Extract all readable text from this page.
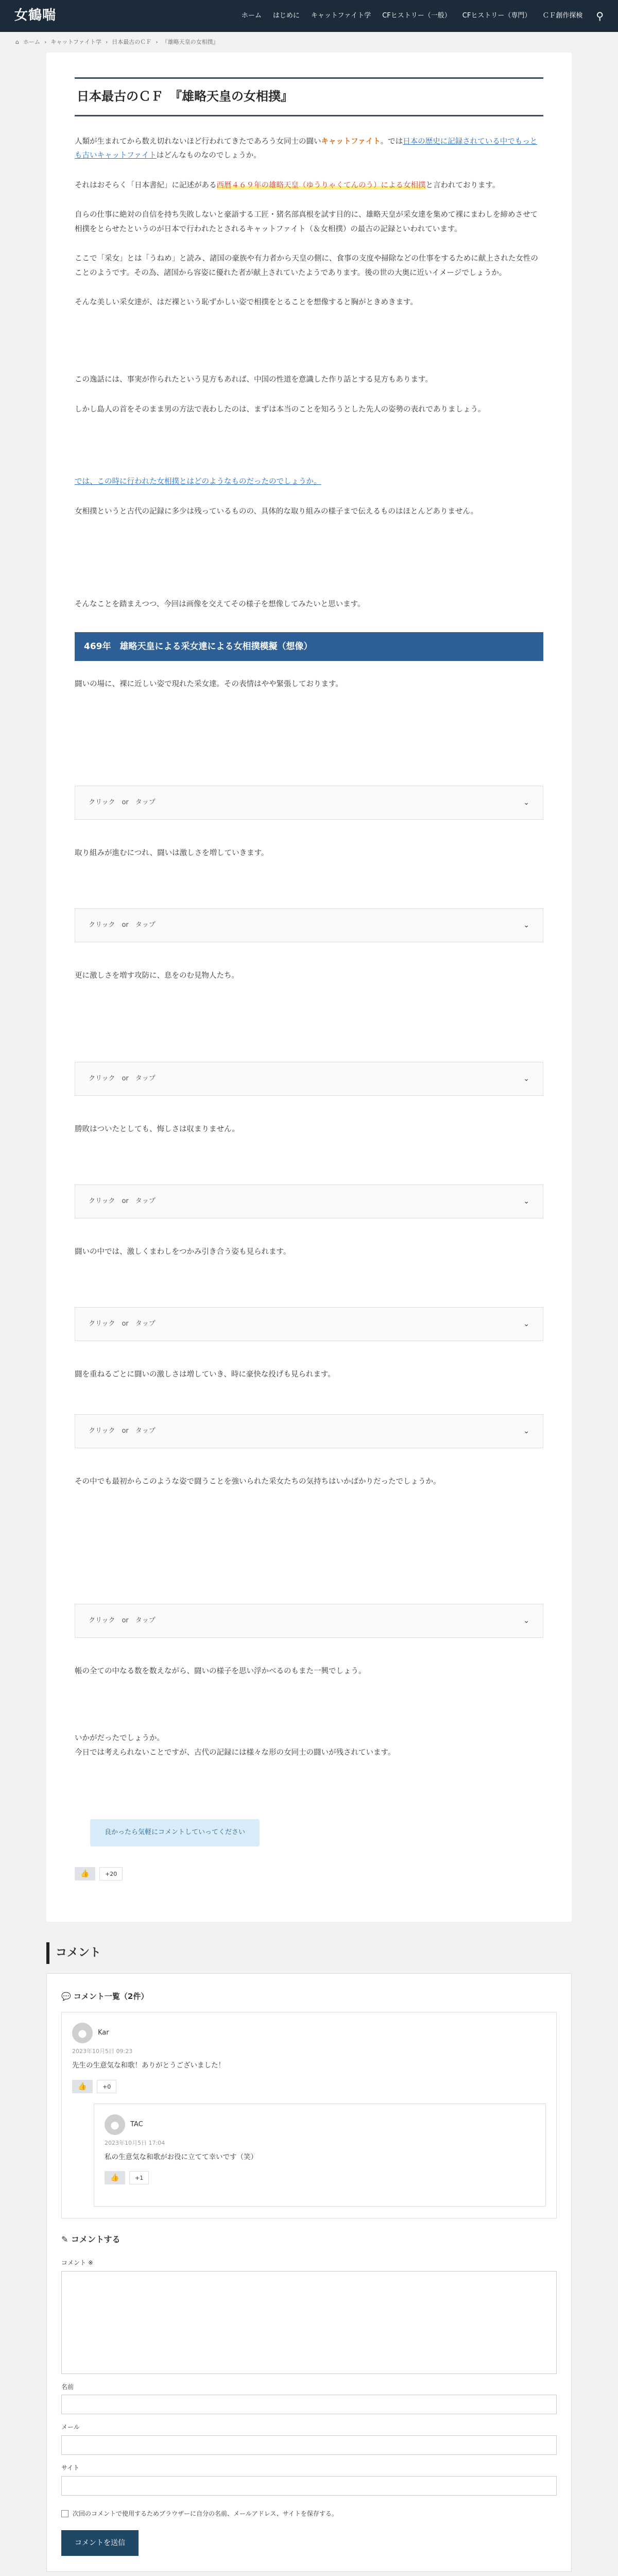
女鶴喘	ホーム はじめに キャットファイト学 CFヒストリー（一般） CFヒストリー（専門） ＣＦ創作探検 ⚲
⌂ ホーム › キャットファイト学 › 日本最古のＣＦ › 『雄略天皇の女相撲』
日本最古のＣＦ　『雄略天皇の女相撲』

人類が生まれてから数え切れないほど行われてきたであろう女同士の闘いキャットファイト。では日本の歴史に記録されている中でもっとも古いキャットファイトはどんなものなのでしょうか。

それはおそらく「日本書紀」に記述がある西暦４６９年の雄略天皇（ゆうりゃくてんのう）による女相撲と言われております。

自らの仕事に絶対の自信を持ち失敗しないと豪語する工匠・猪名部真根を試す目的に、雄略天皇が采女達を集めて裸にまわしを締めさせて相撲をとらせたというのが日本で行われたとされるキャットファイト（＆女相撲）の最古の記録といわれています。

ここで「采女」とは「うねめ」と読み、諸国の豪族や有力者から天皇の側に、食事の支度や掃除などの仕事をするために献上された女性のことのようです。その為、諸国から容姿に優れた者が献上されていたようであります。後の世の大奥に近いイメージでしょうか。

そんな美しい采女達が、はだ裸という恥ずかしい姿で相撲をとることを想像すると胸がときめきます。

この逸話には、事実が作られたという見方もあれば、中国の性道を意識した作り話とする見方もあります。

しかし島人の首をそのまま男の方法で表わしたのは、まずは本当のことを知ろうとした先人の姿勢の表れでありましょう。

では、この時に行われた女相撲とはどのようなものだったのでしょうか。

女相撲というと古代の記録に多少は残っているものの、具体的な取り組みの様子まで伝えるものはほとんどありません。

そんなことを踏まえつつ、今回は画像を交えてその様子を想像してみたいと思います。

469年　雄略天皇による采女達による女相撲模擬（想像）

闘いの場に、裸に近しい姿で現れた采女達。その表情はやや緊張しております。

クリック　or　タップ	⌄

取り組みが進むにつれ、闘いは激しさを増していきます。

クリック　or　タップ	⌄

更に激しさを増す攻防に、息をのむ見物人たち。

クリック　or　タップ	⌄

勝敗はついたとしても、悔しさは収まりません。

クリック　or　タップ	⌄

闘いの中では、激しくまわしをつかみ引き合う姿も見られます。

クリック　or　タップ	⌄

闘を重ねるごとに闘いの激しさは増していき、時に豪快な投げも見られます。

クリック　or　タップ	⌄

その中でも最初からこのような姿で闘うことを強いられた采女たちの気持ちはいかばかりだったでしょうか。

クリック　or　タップ	⌄

帳の全ての中なる数を数えながら、闘いの様子を思い浮かべるのもまた一興でしょう。

いかがだったでしょうか。
今日では考えられないことですが、古代の記録には様々な形の女同士の闘いが残されています。

良かったら気軽にコメントしていってください
👍	+20
コメント
💬 コメント一覧（2件）
●	Kar
2023年10月5日 09:23
先生の生意気な和歌！ありがとうございました！
👍	+0
●	TAC
2023年10月5日 17:04
私の生意気な和歌がお役に立てて幸いです（笑）
👍	+1
✎ コメントする
コメント ※
名前
メール
サイト
次回のコメントで使用するためブラウザーに自分の名前、メールアドレス、サイトを保存する。
コメントを送信
